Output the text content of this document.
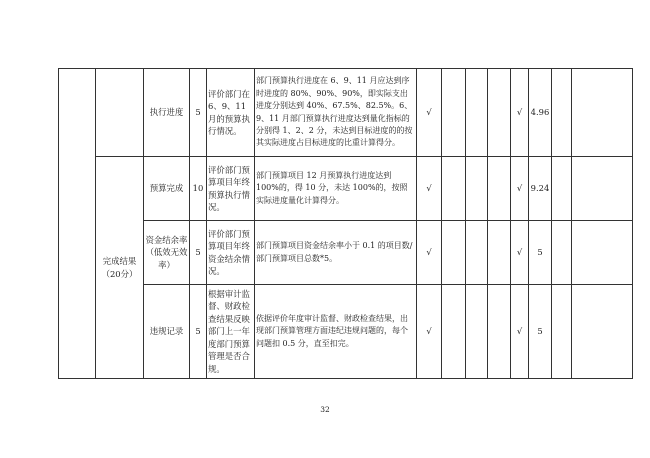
		执行进度	5	评价部门在6、9、11月的预算执行情况。	部门预算执行进度在 6、9、11 月应达到序时进度的 80%、90%、90%，即实际支出进度分别达到 40%、67.5%、82.5%。6、9、11 月部门预算执行进度达到量化指标的分别得 1、2、2 分，未达到目标进度的的按其实际进度占目标进度的比重计算得分。	√				√	4.96		
	完成结果（20分）	预算完成	10	评价部门预算项目年终预算执行情况。	部门预算项目 12 月预算执行进度达到 100%的，得 10 分，未达 100%的，按照实际进度量化计算得分。	√				√	9.24		
		资金结余率（低效无效率）	5	评价部门预算项目年终资金结余情况。	部门预算项目资金结余率小于 0.1 的项目数/部门预算项目总数*5。	√				√	5		
		违规记录	5	根据审计监督、财政检查结果反映部门上一年度部门预算管理是否合规。	依据评价年度审计监督、财政检查结果，出现部门预算管理方面违纪违规问题的，每个问题扣 0.5 分，直至扣完。	√				√	5		
32
